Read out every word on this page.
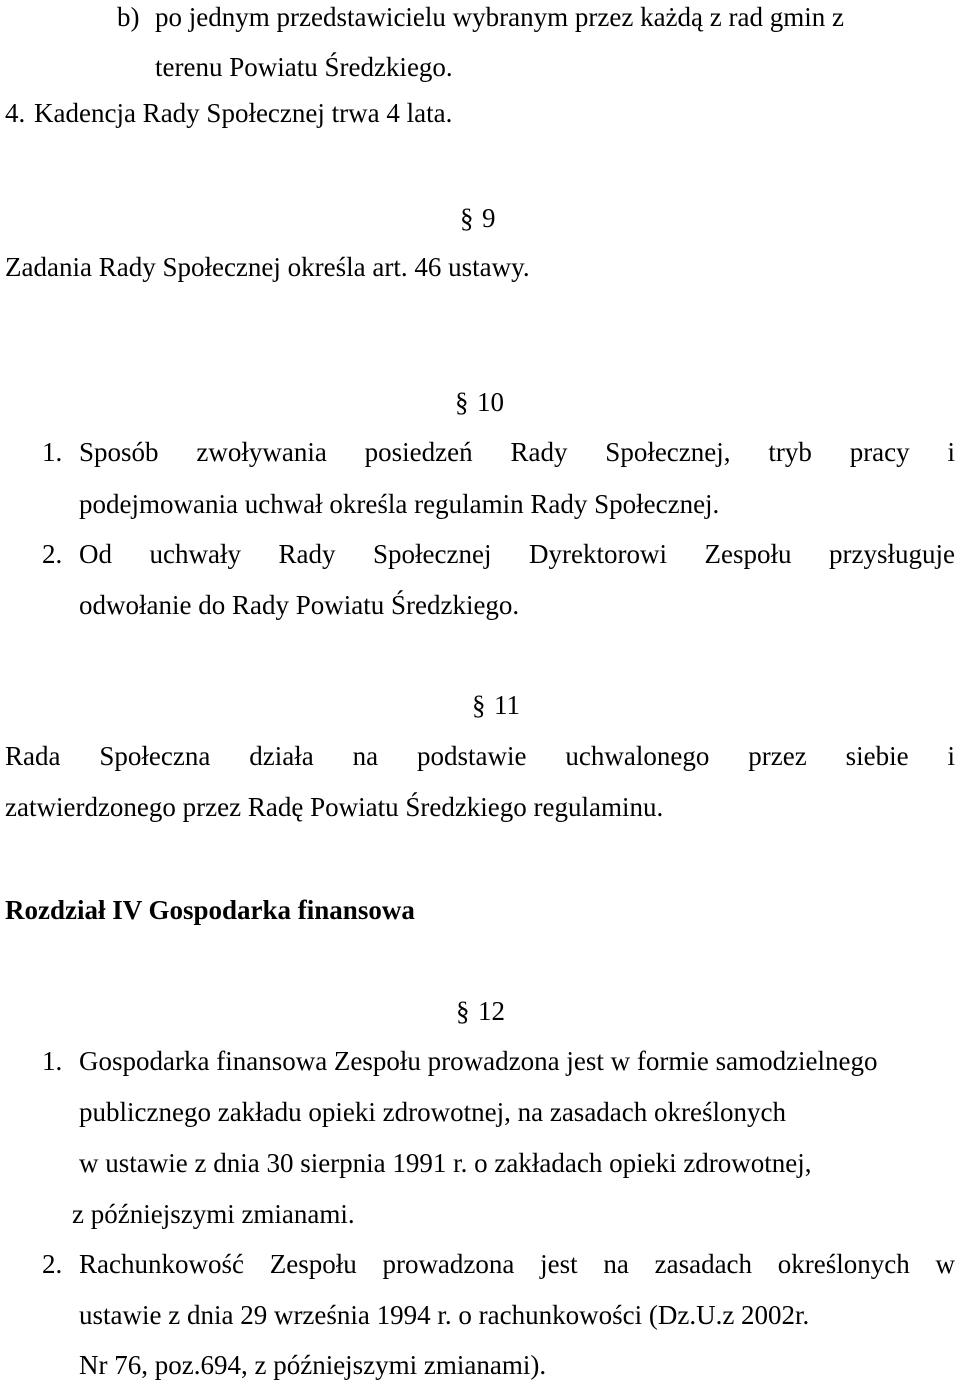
b) po jednym przedstawicielu wybranym przez każdą z rad gmin z
terenu Powiatu Średzkiego.
4. Kadencja Rady Społecznej trwa 4 lata.
§ 9
Zadania Rady Społecznej określa art. 46 ustawy.
§ 10
1. Sposób zwoływania posiedzeń Rady Społecznej, tryb pracy i
podejmowania uchwał określa regulamin Rady Społecznej.
2. Od uchwały Rady Społecznej Dyrektorowi Zespołu przysługuje
odwołanie do Rady Powiatu Średzkiego.
§ 11
Rada Społeczna działa na podstawie uchwalonego przez siebie i
zatwierdzonego przez Radę Powiatu Średzkiego regulaminu.
Rozdział IV Gospodarka finansowa
§ 12
1. Gospodarka finansowa Zespołu prowadzona jest w formie samodzielnego
publicznego zakładu opieki zdrowotnej, na zasadach określonych
w ustawie z dnia 30 sierpnia 1991 r. o zakładach opieki zdrowotnej,
z późniejszymi zmianami.
2. Rachunkowość Zespołu prowadzona jest na zasadach określonych w
ustawie z dnia 29 września 1994 r. o rachunkowości (Dz.U.z 2002r.
Nr 76, poz.694, z późniejszymi zmianami).
